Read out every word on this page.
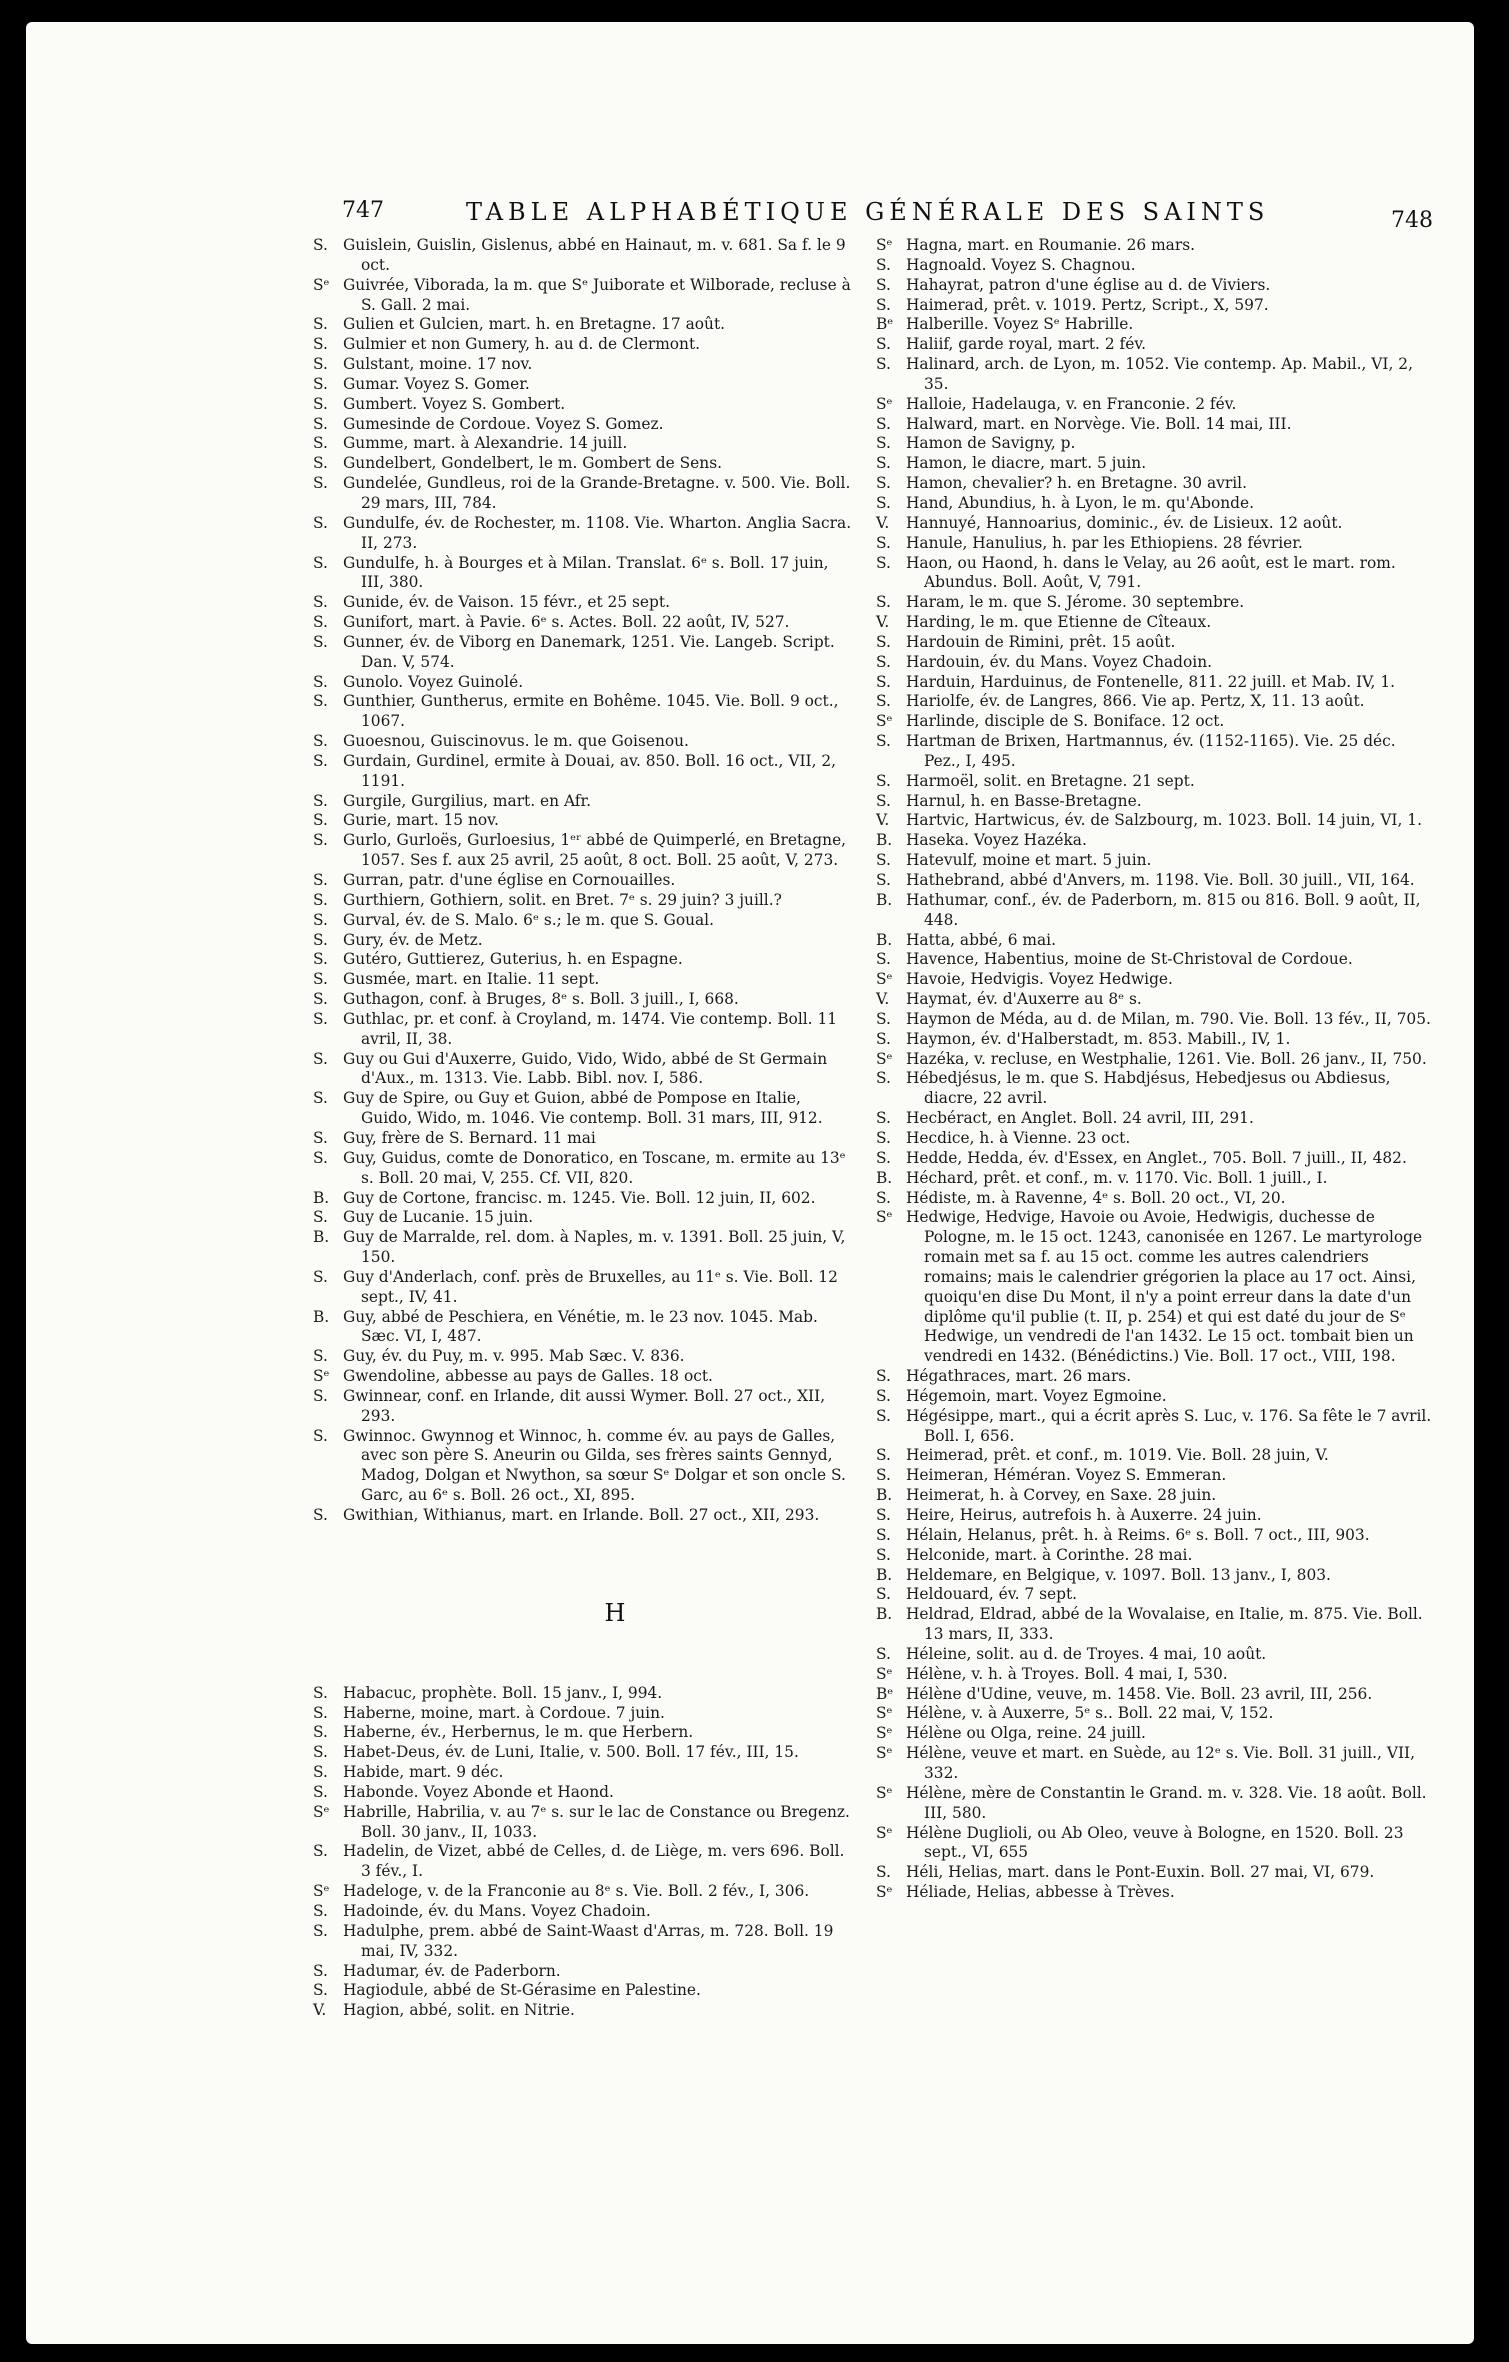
747	TABLE ALPHABÉTIQUE GÉNÉRALE DES SAINTS	748
S. Guislein, Guislin, Gislenus, abbé en Hainaut, m. v. 681. Sa f. le 9 oct.
Sᵉ Guivrée, Viborada, la m. que Sᵉ Juiborate et Wilborade, recluse à S. Gall. 2 mai.
S. Gulien et Gulcien, mart. h. en Bretagne. 17 août.
S. Gulmier et non Gumery, h. au d. de Clermont.
S. Gulstant, moine. 17 nov.
S. Gumar. Voyez S. Gomer.
S. Gumbert. Voyez S. Gombert.
S. Gumesinde de Cordoue. Voyez S. Gomez.
S. Gumme, mart. à Alexandrie. 14 juill.
S. Gundelbert, Gondelbert, le m. Gombert de Sens.
S. Gundelée, Gundleus, roi de la Grande-Bretagne. v. 500. Vie. Boll. 29 mars, III, 784.
S. Gundulfe, év. de Rochester, m. 1108. Vie. Wharton. Anglia Sacra. II, 273.
S. Gundulfe, h. à Bourges et à Milan. Translat. 6ᵉ s. Boll. 17 juin, III, 380.
S. Gunide, év. de Vaison. 15 févr., et 25 sept.
S. Gunifort, mart. à Pavie. 6ᵉ s. Actes. Boll. 22 août, IV, 527.
S. Gunner, év. de Viborg en Danemark, 1251. Vie. Langeb. Script. Dan. V, 574.
S. Gunolo. Voyez Guinolé.
S. Gunthier, Guntherus, ermite en Bohême. 1045. Vie. Boll. 9 oct., 1067.
S. Guoesnou, Guiscinovus. le m. que Goisenou.
S. Gurdain, Gurdinel, ermite à Douai, av. 850. Boll. 16 oct., VII, 2, 1191.
S. Gurgile, Gurgilius, mart. en Afr.
S. Gurie, mart. 15 nov.
S. Gurlo, Gurloës, Gurloesius, 1ᵉʳ abbé de Quimperlé, en Bretagne, 1057. Ses f. aux 25 avril, 25 août, 8 oct. Boll. 25 août, V, 273.
S. Gurran, patr. d'une église en Cornouailles.
S. Gurthiern, Gothiern, solit. en Bret. 7ᵉ s. 29 juin? 3 juill.?
S. Gurval, év. de S. Malo. 6ᵉ s.; le m. que S. Goual.
S. Gury, év. de Metz.
S. Gutéro, Guttierez, Guterius, h. en Espagne.
S. Gusmée, mart. en Italie. 11 sept.
S. Guthagon, conf. à Bruges, 8ᵉ s. Boll. 3 juill., I, 668.
S. Guthlac, pr. et conf. à Croyland, m. 1474. Vie contemp. Boll. 11 avril, II, 38.
S. Guy ou Gui d'Auxerre, Guido, Vido, Wido, abbé de St Germain d'Aux., m. 1313. Vie. Labb. Bibl. nov. I, 586.
S. Guy de Spire, ou Guy et Guion, abbé de Pompose en Italie, Guido, Wido, m. 1046. Vie contemp. Boll. 31 mars, III, 912.
S. Guy, frère de S. Bernard. 11 mai
S. Guy, Guidus, comte de Donoratico, en Toscane, m. ermite au 13ᵉ s. Boll. 20 mai, V, 255. Cf. VII, 820.
B. Guy de Cortone, francisc. m. 1245. Vie. Boll. 12 juin, II, 602.
S. Guy de Lucanie. 15 juin.
B. Guy de Marralde, rel. dom. à Naples, m. v. 1391. Boll. 25 juin, V, 150.
S. Guy d'Anderlach, conf. près de Bruxelles, au 11ᵉ s. Vie. Boll. 12 sept., IV, 41.
B. Guy, abbé de Peschiera, en Vénétie, m. le 23 nov. 1045. Mab. Sæc. VI, I, 487.
S. Guy, év. du Puy, m. v. 995. Mab Sæc. V. 836.
Sᵉ Gwendoline, abbesse au pays de Galles. 18 oct.
S. Gwinnear, conf. en Irlande, dit aussi Wymer. Boll. 27 oct., XII, 293.
S. Gwinnoc. Gwynnog et Winnoc, h. comme év. au pays de Galles, avec son père S. Aneurin ou Gilda, ses frères saints Gennyd, Madog, Dolgan et Nwython, sa sœur Sᵉ Dolgar et son oncle S. Garc, au 6ᵉ s. Boll. 26 oct., XI, 895.
S. Gwithian, Withianus, mart. en Irlande. Boll. 27 oct., XII, 293.
H
S. Habacuc, prophète. Boll. 15 janv., I, 994.
S. Haberne, moine, mart. à Cordoue. 7 juin.
S. Haberne, év., Herbernus, le m. que Herbern.
S. Habet-Deus, év. de Luni, Italie, v. 500. Boll. 17 fév., III, 15.
S. Habide, mart. 9 déc.
S. Habonde. Voyez Abonde et Haond.
Sᵉ Habrille, Habrilia, v. au 7ᵉ s. sur le lac de Constance ou Bregenz. Boll. 30 janv., II, 1033.
S. Hadelin, de Vizet, abbé de Celles, d. de Liège, m. vers 696. Boll. 3 fév., I.
Sᵉ Hadeloge, v. de la Franconie au 8ᵉ s. Vie. Boll. 2 fév., I, 306.
S. Hadoinde, év. du Mans. Voyez Chadoin.
S. Hadulphe, prem. abbé de Saint-Waast d'Arras, m. 728. Boll. 19 mai, IV, 332.
S. Hadumar, év. de Paderborn.
S. Hagiodule, abbé de St-Gérasime en Palestine.
V.	Hagion, abbé, solit. en Nitrie.
Sᵉ Hagna, mart. en Roumanie. 26 mars.
S. Hagnoald. Voyez S. Chagnou.
S. Hahayrat, patron d'une église au d. de Viviers.
S. Haimerad, prêt. v. 1019. Pertz, Script., X, 597.
Bᵉ Halberille. Voyez Sᵉ Habrille.
S. Haliif, garde royal, mart. 2 fév.
S. Halinard, arch. de Lyon, m. 1052. Vie contemp. Ap. Mabil., VI, 2, 35.
Sᵉ Halloie, Hadelauga, v. en Franconie. 2 fév.
S. Halward, mart. en Norvège. Vie. Boll. 14 mai, III.
S. Hamon de Savigny, p.
S. Hamon, le diacre, mart. 5 juin.
S. Hamon, chevalier? h. en Bretagne. 30 avril.
S. Hand, Abundius, h. à Lyon, le m. qu'Abonde.
V.	Hannuyé, Hannoarius, dominic., év. de Lisieux. 12 août.
S. Hanule, Hanulius, h. par les Ethiopiens. 28 février.
S. Haon, ou Haond, h. dans le Velay, au 26 août, est le mart. rom. Abundus. Boll. Août, V, 791.
S. Haram, le m. que S. Jérome. 30 septembre.
V.	Harding, le m. que Etienne de Cîteaux.
S. Hardouin de Rimini, prêt. 15 août.
S. Hardouin, év. du Mans. Voyez Chadoin.
S. Harduin, Harduinus, de Fontenelle, 811. 22 juill. et Mab. IV, 1.
S. Hariolfe, év. de Langres, 866. Vie ap. Pertz, X, 11. 13 août.
Sᵉ Harlinde, disciple de S. Boniface. 12 oct.
S. Hartman de Brixen, Hartmannus, év. (1152-1165). Vie. 25 déc. Pez., I, 495.
S. Harmoël, solit. en Bretagne. 21 sept.
S. Harnul, h. en Basse-Bretagne.
V.	Hartvic, Hartwicus, év. de Salzbourg, m. 1023. Boll. 14 juin, VI, 1.
B. Haseka. Voyez Hazéka.
S. Hatevulf, moine et mart. 5 juin.
S. Hathebrand, abbé d'Anvers, m. 1198. Vie. Boll. 30 juill., VII, 164.
B. Hathumar, conf., év. de Paderborn, m. 815 ou 816. Boll. 9 août, II, 448.
B. Hatta, abbé, 6 mai.
S. Havence, Habentius, moine de St-Christoval de Cordoue.
Sᵉ Havoie, Hedvigis. Voyez Hedwige.
V.	Haymat, év. d'Auxerre au 8ᵉ s.
S. Haymon de Méda, au d. de Milan, m. 790. Vie. Boll. 13 fév., II, 705.
S. Haymon, év. d'Halberstadt, m. 853. Mabill., IV, 1.
Sᵉ Hazéka, v. recluse, en Westphalie, 1261. Vie. Boll. 26 janv., II, 750.
S. Hébedjésus, le m. que S. Habdjésus, Hebedjesus ou Abdiesus, diacre, 22 avril.
S. Hecbéract, en Anglet. Boll. 24 avril, III, 291.
S. Hecdice, h. à Vienne. 23 oct.
S. Hedde, Hedda, év. d'Essex, en Anglet., 705. Boll. 7 juill., II, 482.
B. Héchard, prêt. et conf., m. v. 1170. Vic. Boll. 1 juill., I.
S. Hédiste, m. à Ravenne, 4ᵉ s. Boll. 20 oct., VI, 20.
Sᵉ Hedwige, Hedvige, Havoie ou Avoie, Hedwigis, duchesse de Pologne, m. le 15 oct. 1243, canonisée en 1267. Le martyrologe romain met sa f. au 15 oct. comme les autres calendriers romains; mais le calendrier grégorien la place au 17 oct. Ainsi, quoiqu'en dise Du Mont, il n'y a point erreur dans la date d'un diplôme qu'il publie (t. II, p. 254) et qui est daté du jour de Sᵉ Hedwige, un vendredi de l'an 1432. Le 15 oct. tombait bien un vendredi en 1432. (Bénédictins.) Vie. Boll. 17 oct., VIII, 198.
S. Hégathraces, mart. 26 mars.
S. Hégemoin, mart. Voyez Egmoine.
S. Hégésippe, mart., qui a écrit après S. Luc, v. 176. Sa fête le 7 avril. Boll. I, 656.
S. Heimerad, prêt. et conf., m. 1019. Vie. Boll. 28 juin, V.
S. Heimeran, Héméran. Voyez S. Emmeran.
B. Heimerat, h. à Corvey, en Saxe. 28 juin.
S. Heire, Heirus, autrefois h. à Auxerre. 24 juin.
S. Hélain, Helanus, prêt. h. à Reims. 6ᵉ s. Boll. 7 oct., III, 903.
S. Helconide, mart. à Corinthe. 28 mai.
B. Heldemare, en Belgique, v. 1097. Boll. 13 janv., I, 803.
S. Heldouard, év. 7 sept.
B. Heldrad, Eldrad, abbé de la Wovalaise, en Italie, m. 875. Vie. Boll. 13 mars, II, 333.
S. Héleine, solit. au d. de Troyes. 4 mai, 10 août.
Sᵉ Hélène, v. h. à Troyes. Boll. 4 mai, I, 530.
Bᵉ Hélène d'Udine, veuve, m. 1458. Vie. Boll. 23 avril, III, 256.
Sᵉ Hélène, v. à Auxerre, 5ᵉ s.. Boll. 22 mai, V, 152.
Sᵉ Hélène ou Olga, reine. 24 juill.
Sᵉ Hélène, veuve et mart. en Suède, au 12ᵉ s. Vie. Boll. 31 juill., VII, 332.
Sᵉ Hélène, mère de Constantin le Grand. m. v. 328. Vie. 18 août. Boll. III, 580.
Sᵉ Hélène Duglioli, ou Ab Oleo, veuve à Bologne, en 1520. Boll. 23 sept., VI, 655
S. Héli, Helias, mart. dans le Pont-Euxin. Boll. 27 mai, VI, 679.
Sᵉ Héliade, Helias, abbesse à Trèves.
